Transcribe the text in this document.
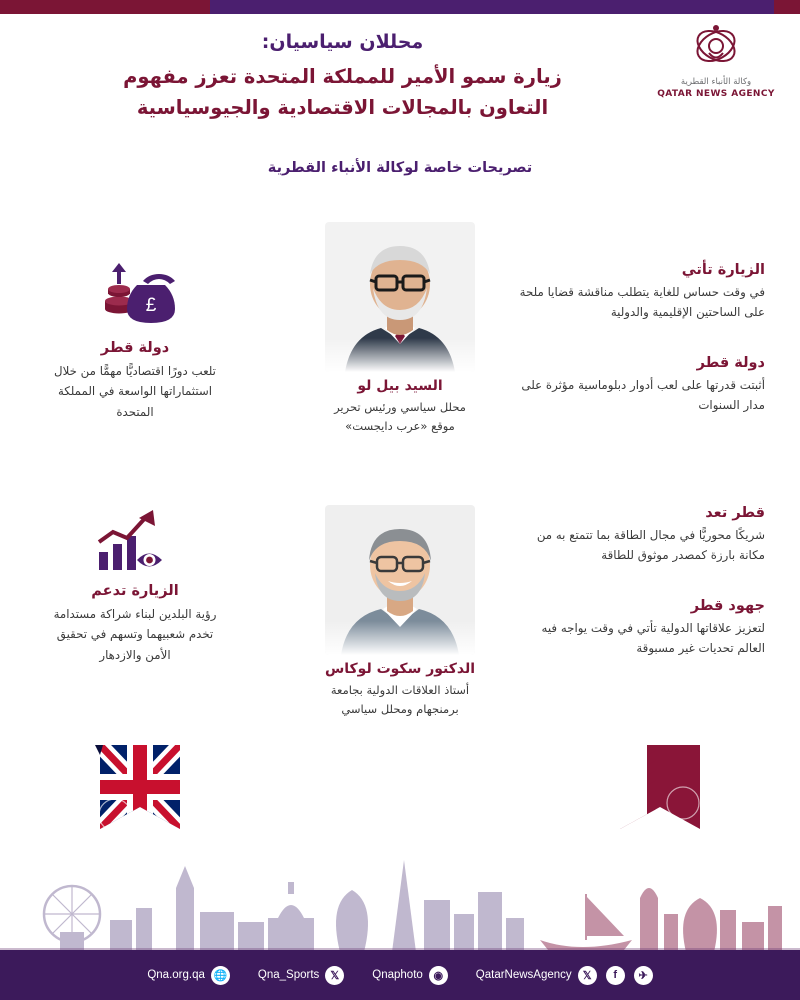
وكالة الأنباء القطرية
QATAR NEWS AGENCY
محللان سياسيان:
زيارة سمو الأمير للمملكة المتحدة تعزز مفهوم
التعاون بالمجالات الاقتصادية والجيوسياسية
تصريحات خاصة لوكالة الأنباء القطرية
£
دولة قطر
تلعب دورًا اقتصاديًّا مهمًّا من خلال استثماراتها الواسعة في المملكة المتحدة
السيد بيل لو
محلل سياسي ورئيس تحرير
موقع «عرب دايجست»
الزيارة تأتي
في وقت حساس للغاية يتطلب مناقشة قضايا ملحة على الساحتين الإقليمية والدولية
دولة قطر
أثبتت قدرتها على لعب أدوار دبلوماسية مؤثرة على مدار السنوات
الزيارة تدعم
رؤية البلدين لبناء شراكة مستدامة تخدم شعبيهما وتسهم في تحقيق الأمن والازدهار
الدكتور سكوت لوكاس
أستاذ العلاقات الدولية بجامعة
برمنجهام ومحلل سياسي
قطر تعد
شريكًا محوريًّا في مجال الطاقة بما تتمتع به من مكانة بارزة كمصدر موثوق للطاقة
جهود قطر
لتعزيز علاقاتها الدولية تأتي في وقت يواجه فيه العالم تحديات غير مسبوقة
✈
f
𝕏
QatarNewsAgency
◉
Qnaphoto
𝕏
Qna_Sports
🌐
Qna.org.qa
